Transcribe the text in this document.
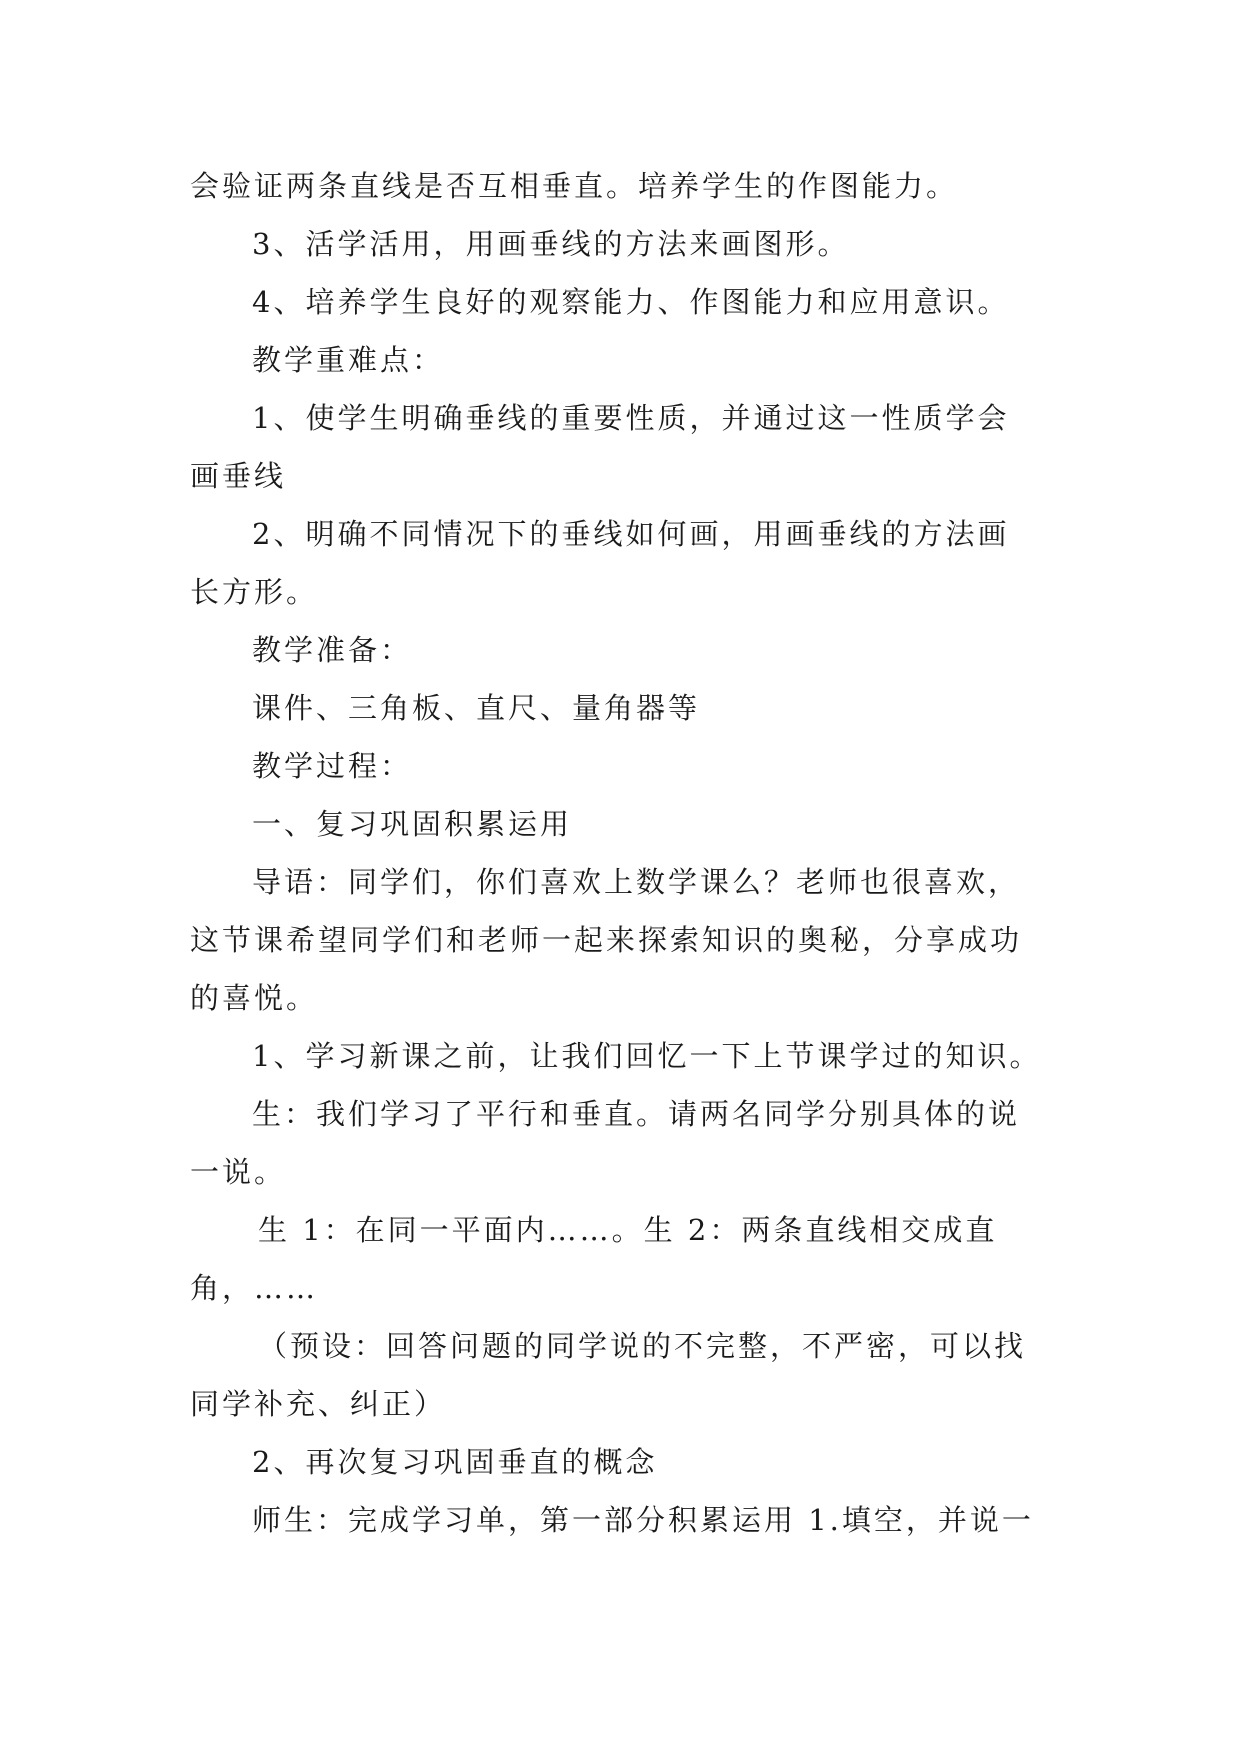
会验证两条直线是否互相垂直。培养学生的作图能力。
3、活学活用，用画垂线的方法来画图形。
4、培养学生良好的观察能力、作图能力和应用意识。
教学重难点：
1、使学生明确垂线的重要性质，并通过这一性质学会
画垂线
2、明确不同情况下的垂线如何画，用画垂线的方法画
长方形。
教学准备：
课件、三角板、直尺、量角器等
教学过程：
一、复习巩固积累运用
导语：同学们，你们喜欢上数学课么？老师也很喜欢，
这节课希望同学们和老师一起来探索知识的奥秘，分享成功
的喜悦。
1、学习新课之前，让我们回忆一下上节课学过的知识。
生：我们学习了平行和垂直。请两名同学分别具体的说
一说。
生 1：在同一平面内……。生 2：两条直线相交成直
角，……
（预设：回答问题的同学说的不完整，不严密，可以找
同学补充、纠正）
2、再次复习巩固垂直的概念
师生：完成学习单，第一部分积累运用 1.填空，并说一
